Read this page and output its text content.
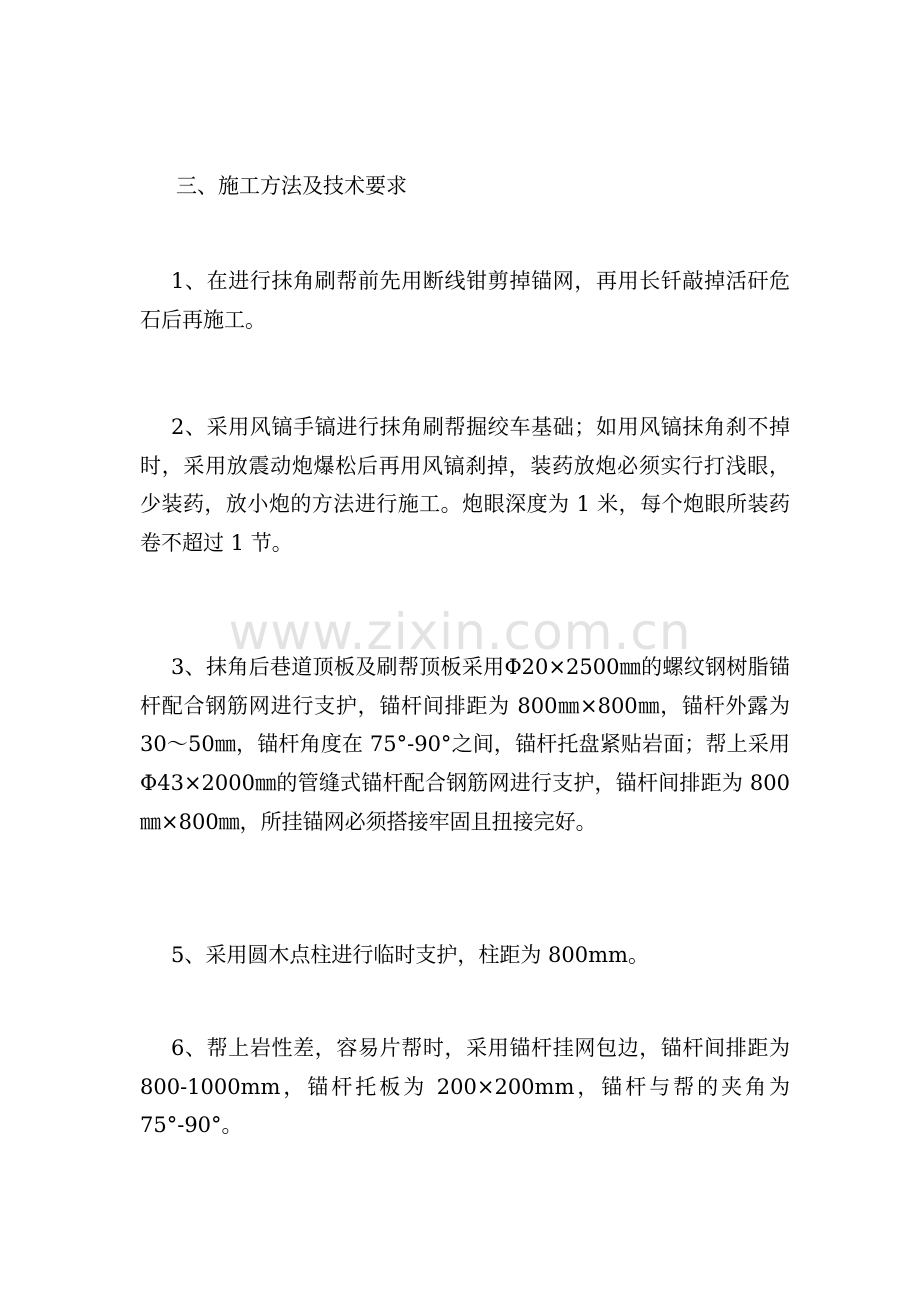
三、施工方法及技术要求

1、在进行抹角刷帮前先用断线钳剪掉锚网，再用长钎敲掉活矸危石后再施工。

2、采用风镐手镐进行抹角刷帮掘绞车基础；如用风镐抹角刹不掉时，采用放震动炮爆松后再用风镐刹掉，装药放炮必须实行打浅眼，少装药，放小炮的方法进行施工。炮眼深度为 1 米，每个炮眼所装药卷不超过 1 节。

3、抹角后巷道顶板及刷帮顶板采用Φ20×2500㎜的螺纹钢树脂锚杆配合钢筋网进行支护，锚杆间排距为 800㎜×800㎜，锚杆外露为 30～50㎜，锚杆角度在 75°-90°之间，锚杆托盘紧贴岩面；帮上采用Φ43×2000㎜的管缝式锚杆配合钢筋网进行支护，锚杆间排距为 800㎜×800㎜，所挂锚网必须搭接牢固且扭接完好。

5、采用圆木点柱进行临时支护，柱距为 800mm。

6、帮上岩性差，容易片帮时，采用锚杆挂网包边，锚杆间排距为 800-1000mm，锚杆托板为 200×200mm，锚杆与帮的夹角为 75°-90°。

www.zixin.com.cn
